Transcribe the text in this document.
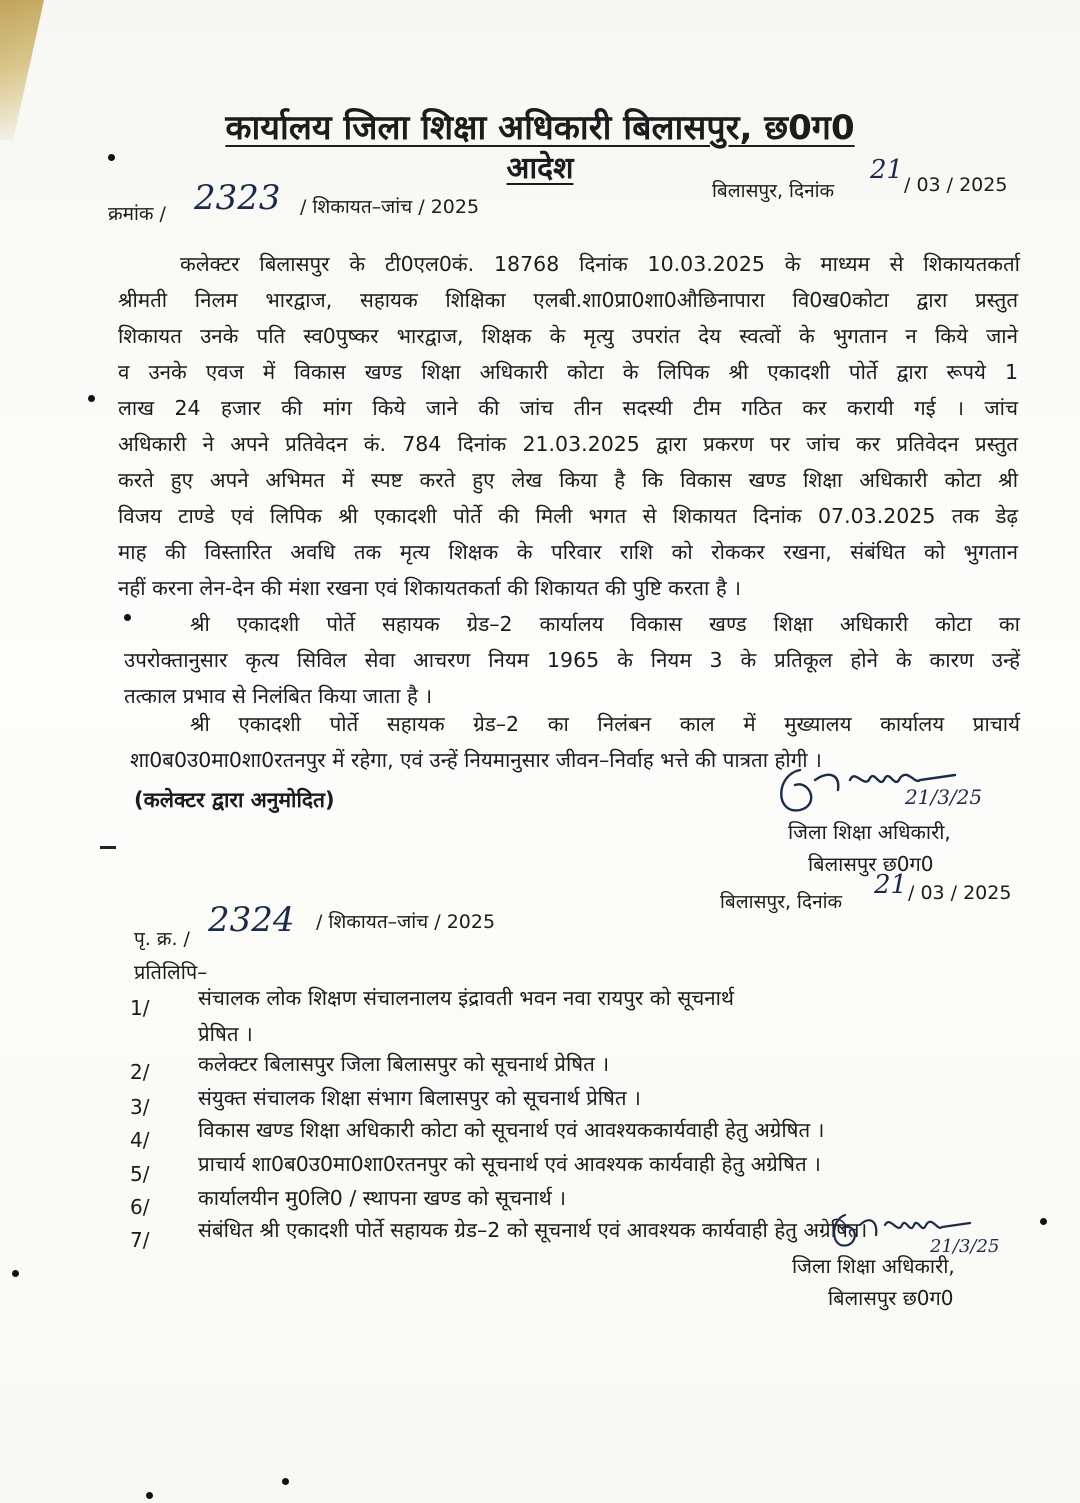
कार्यालय जिला शिक्षा अधिकारी बिलासपुर, छ0ग0
आदेश
क्रमांक / 2323 / शिकायत–जांच / 2025
बिलासपुर, दिनांक
21 / 03 / 2025
कलेक्टर बिलासपुर के टी0एल0कं. 18768 दिनांक 10.03.2025 के माध्यम से शिकायतकर्ता
श्रीमती निलम भारद्वाज, सहायक शिक्षिका एलबी.शा0प्रा0शा0औछिनापारा वि0ख0कोटा द्वारा प्रस्तुत
शिकायत उनके पति स्व0पुष्कर भारद्वाज, शिक्षक के मृत्यु उपरांत देय स्वत्वों के भुगतान न किये जाने
व उनके एवज में विकास खण्ड शिक्षा अधिकारी कोटा के लिपिक श्री एकादशी पोर्ते द्वारा रूपये 1
लाख 24 हजार की मांग किये जाने की जांच तीन सदस्यी टीम गठित कर करायी गई । जांच
अधिकारी ने अपने प्रतिवेदन कं. 784 दिनांक 21.03.2025 द्वारा प्रकरण पर जांच कर प्रतिवेदन प्रस्तुत
करते हुए अपने अभिमत में स्पष्ट करते हुए लेख किया है कि विकास खण्ड शिक्षा अधिकारी कोटा श्री
विजय टाण्डे एवं लिपिक श्री एकादशी पोर्ते की मिली भगत से शिकायत दिनांक 07.03.2025 तक डेढ़
माह की विस्तारित अवधि तक मृत्य शिक्षक के परिवार राशि को रोककर रखना, संबंधित को भुगतान
नहीं करना लेन-देन की मंशा रखना एवं शिकायतकर्ता की शिकायत की पुष्टि करता है ।
श्री एकादशी पोर्ते सहायक ग्रेड–2 कार्यालय विकास खण्ड शिक्षा अधिकारी कोटा का
उपरोक्तानुसार कृत्य सिविल सेवा आचरण नियम 1965 के नियम 3 के प्रतिकूल होने के कारण उन्हें
तत्काल प्रभाव से निलंबित किया जाता है ।
श्री एकादशी पोर्ते सहायक ग्रेड–2 का निलंबन काल में मुख्यालय कार्यालय प्राचार्य
शा0ब0उ0मा0शा0रतनपुर में रहेगा, एवं उन्हें नियमानुसार जीवन–निर्वाह भत्ते की पात्रता होगी ।
(कलेक्टर द्वारा अनुमोदित)	21/3/25
जिला शिक्षा अधिकारी,
बिलासपुर छ0ग0
बिलासपुर, दिनांक
21 / 03 / 2025
पृ. क्र. / 2324 / शिकायत–जांच / 2025
प्रतिलिपि–
1/ संचालक लोक शिक्षण संचालनालय इंद्रावती भवन नवा रायपुर को सूचनार्थ
प्रेषित ।
2/ कलेक्टर बिलासपुर जिला बिलासपुर को सूचनार्थ प्रेषित ।
3/ संयुक्त संचालक शिक्षा संभाग बिलासपुर को सूचनार्थ प्रेषित ।
4/ विकास खण्ड शिक्षा अधिकारी कोटा को सूचनार्थ एवं आवश्यककार्यवाही हेतु अग्रेषित ।
5/ प्राचार्य शा0ब0उ0मा0शा0रतनपुर को सूचनार्थ एवं आवश्यक कार्यवाही हेतु अग्रेषित ।
6/ कार्यालयीन मु0लि0 / स्थापना खण्ड को सूचनार्थ ।
7/ संबंधित श्री एकादशी पोर्ते सहायक ग्रेड–2 को सूचनार्थ एवं आवश्यक कार्यवाही हेतु अग्रेषित।
21/3/25
जिला शिक्षा अधिकारी,
बिलासपुर छ0ग0
